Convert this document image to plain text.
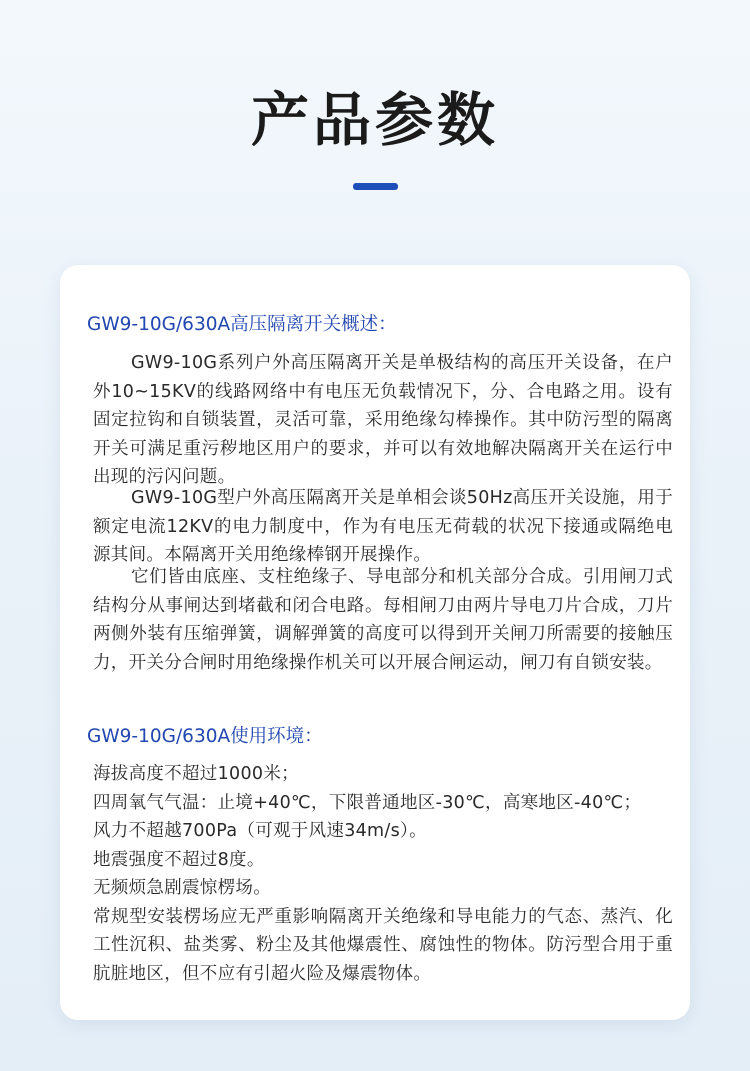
产品参数
GW9-10G/630A高压隔离开关概述：

GW9-10G系列户外高压隔离开关是单极结构的高压开关设备，在户外10~15KV的线路网络中有电压无负载情况下，分、合电路之用。设有固定拉钩和自锁装置，灵活可靠，采用绝缘勾棒操作。其中防污型的隔离开关可满足重污秽地区用户的要求，并可以有效地解决隔离开关在运行中出现的污闪问题。

GW9-10G型户外高压隔离开关是单相会谈50Hz高压开关设施，用于额定电流12KV的电力制度中，作为有电压无荷载的状况下接通或隔绝电源其间。本隔离开关用绝缘棒钢开展操作。

它们皆由底座、支柱绝缘子、导电部分和机关部分合成。引用闸刀式结构分从事闸达到堵截和闭合电路。每相闸刀由两片导电刀片合成，刀片两侧外装有压缩弹簧，调解弹簧的高度可以得到开关闸刀所需要的接触压力，开关分合闸时用绝缘操作机关可以开展合闸运动，闸刀有自锁安装。

GW9-10G/630A使用环境：
海拔高度不超过1000米；
四周氧气气温：止境+40℃，下限普通地区-30℃，高寒地区-40℃；
风力不超越700Pa（可观于风速34m/s）。
地震强度不超过8度。
无频烦急剧震惊楞场。
常规型安装楞场应无严重影响隔离开关绝缘和导电能力的气态、蒸汽、化工性沉积、盐类雾、粉尘及其他爆震性、腐蚀性的物体。防污型合用于重肮脏地区，但不应有引超火险及爆震物体。
